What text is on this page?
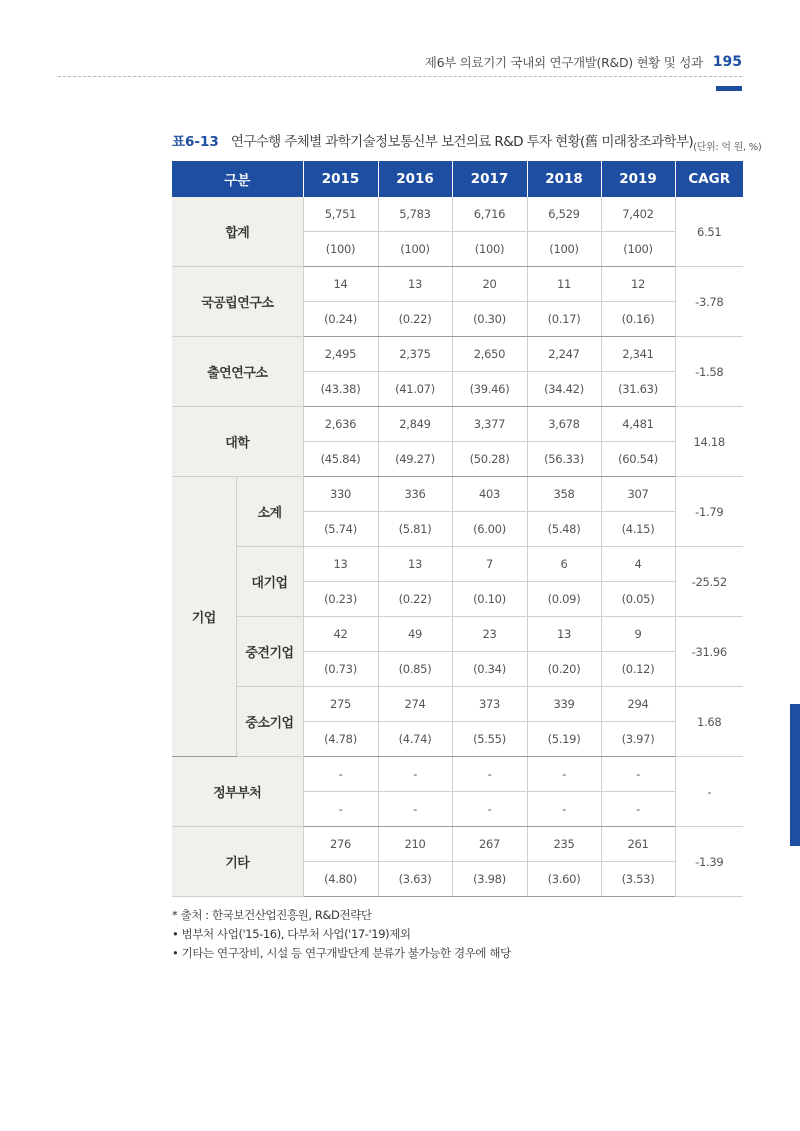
제6부 의료기기 국내외 연구개발(R&D) 현황 및 성과 195
표6-13 연구수행 주체별 과학기술정보통신부 보건의료 R&D 투자 현황(舊 미래창조과학부) (단위: 억 원, %)
구분		2015	2016	2017	2018	2019	CAGR
합계		5,751	5,783	6,716	6,529	7,402	6.51
		(100)	(100)	(100)	(100)	(100)	
국공립연구소		14	13	20	11	12	-3.78
		(0.24)	(0.22)	(0.30)	(0.17)	(0.16)	
출연연구소		2,495	2,375	2,650	2,247	2,341	-1.58
		(43.38)	(41.07)	(39.46)	(34.42)	(31.63)	
대학		2,636	2,849	3,377	3,678	4,481	14.18
		(45.84)	(49.27)	(50.28)	(56.33)	(60.54)	
기업	소계	330	336	403	358	307	-1.79
		(5.74)	(5.81)	(6.00)	(5.48)	(4.15)	
	대기업	13	13	7	6	4	-25.52
		(0.23)	(0.22)	(0.10)	(0.09)	(0.05)	
	중견기업	42	49	23	13	9	-31.96
		(0.73)	(0.85)	(0.34)	(0.20)	(0.12)	
	중소기업	275	274	373	339	294	1.68
		(4.78)	(4.74)	(5.55)	(5.19)	(3.97)	
정부부처		-	-	-	-	-	-
		-	-	-	-	-	
기타		276	210	267	235	261	-1.39
		(4.80)	(3.63)	(3.98)	(3.60)	(3.53)	
* 출처 : 한국보건산업진흥원, R&D전략단
• 범부처 사업('15-16), 다부처 사업('17-'19)제외
• 기타는 연구장비, 시설 등 연구개발단계 분류가 불가능한 경우에 해당
